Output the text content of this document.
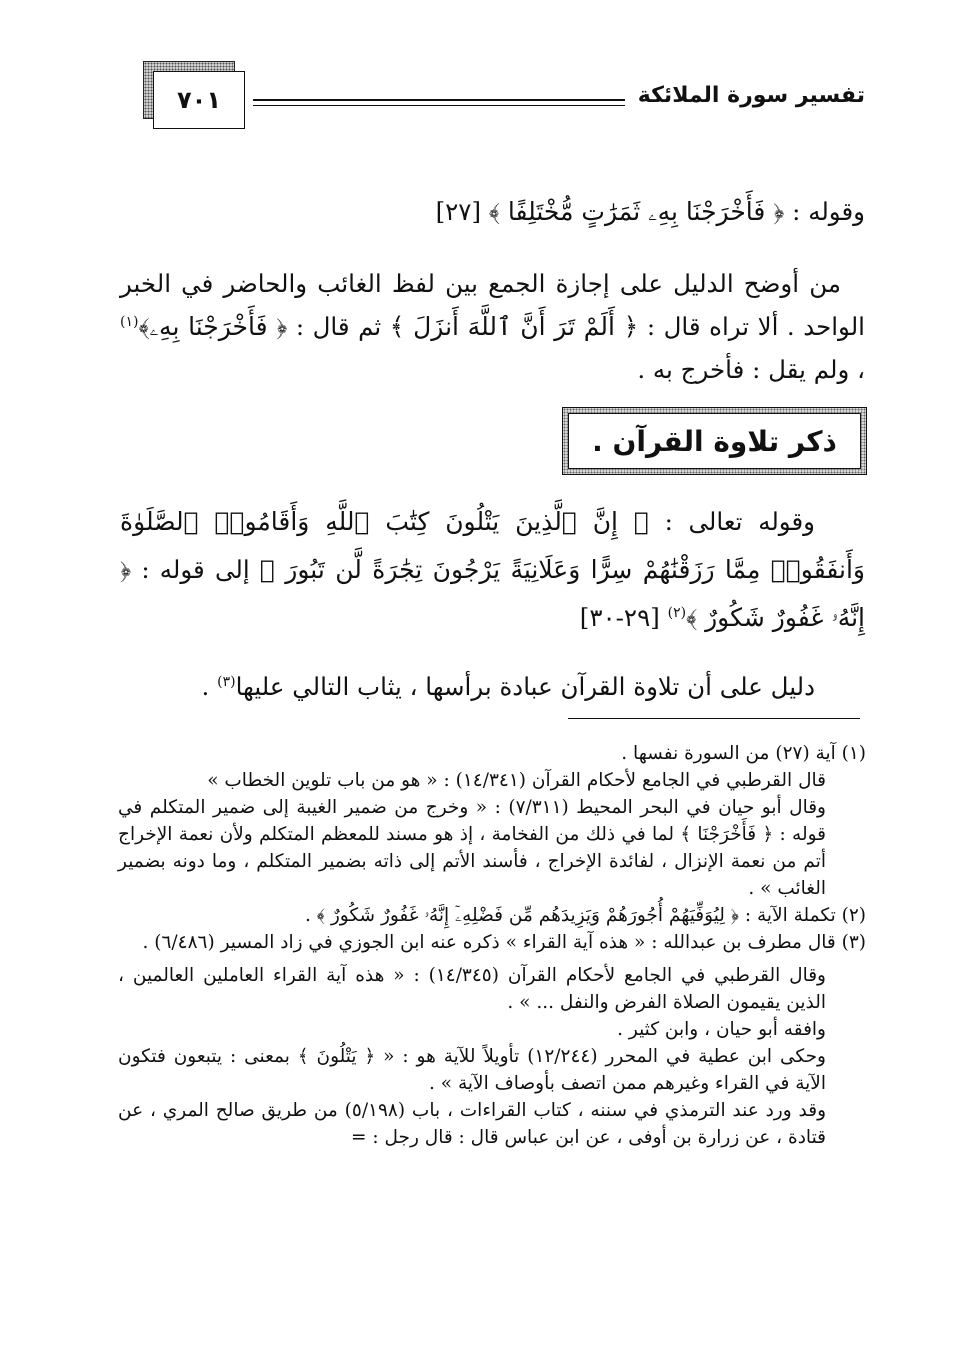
٧٠١	تفسير سورة الملائكة

وقوله : ﴿ فَأَخْرَجْنَا بِهِۦ ثَمَرَٰتٍ مُّخْتَلِفًا ﴾ [٢٧]

من أوضح الدليل على إجازة الجمع بين لفظ الغائب والحاضر في الخبر الواحد . ألا تراه قال : ﴿ أَلَمْ تَرَ أَنَّ ٱللَّهَ أَنزَلَ ﴾ ثم قال : ﴿ فَأَخْرَجْنَا بِهِۦ﴾$^{(١)}$ ، ولم يقل : فأخرج به .

ذكر تلاوة القرآن .

وقوله تعالى : ﴿ إِنَّ ٱلَّذِينَ يَتْلُونَ كِتَٰبَ ٱللَّهِ وَأَقَامُوا۟ ٱلصَّلَوٰةَ وَأَنفَقُوا۟ مِمَّا رَزَقْنَٰهُمْ سِرًّا وَعَلَانِيَةً يَرْجُونَ تِجَٰرَةً لَّن تَبُورَ ﴾ إلى قوله : ﴿ إِنَّهُۥ غَفُورٌ شَكُورٌ ﴾$^{(٢)}$ [٢٩-٣٠]

دليل على أن تلاوة القرآن عبادة برأسها ، يثاب التالي عليها$^{(٣)}$ .

(١) آية (٢٧) من السورة نفسها .

قال القرطبي في الجامع لأحكام القرآن (١٤/٣٤١) : « هو من باب تلوين الخطاب »

وقال أبو حيان في البحر المحيط (٧/٣١١) : « وخرج من ضمير الغيبة إلى ضمير المتكلم في قوله : ﴿ فَأَخْرَجْنَا ﴾ لما في ذلك من الفخامة ، إذ هو مسند للمعظم المتكلم ولأن نعمة الإخراج أتم من نعمة الإنزال ، لفائدة الإخراج ، فأسند الأتم إلى ذاته بضمير المتكلم ، وما دونه بضمير الغائب » .

(٢) تكملة الآية : ﴿ لِيُوَفِّيَهُمْ أُجُورَهُمْ وَيَزِيدَهُم مِّن فَضْلِهِۦٓ إِنَّهُۥ غَفُورٌ شَكُورٌ ﴾ .

(٣) قال مطرف بن عبدالله : « هذه آية القراء » ذكره عنه ابن الجوزي في زاد المسير (٦/٤٨٦) .

وقال القرطبي في الجامع لأحكام القرآن (١٤/٣٤٥) : « هذه آية القراء العاملين العالمين ، الذين يقيمون الصلاة الفرض والنفل ... » .

وافقه أبو حيان ، وابن كثير .

وحكى ابن عطية في المحرر (١٢/٢٤٤) تأويلاً للآية هو : « ﴿ يَتْلُونَ ﴾ بمعنى : يتبعون فتكون الآية في القراء وغيرهم ممن اتصف بأوصاف الآية » .

وقد ورد عند الترمذي في سننه ، كتاب القراءات ، باب (٥/١٩٨) من طريق صالح المري ، عن قتادة ، عن زرارة بن أوفى ، عن ابن عباس قال : قال رجل : =
